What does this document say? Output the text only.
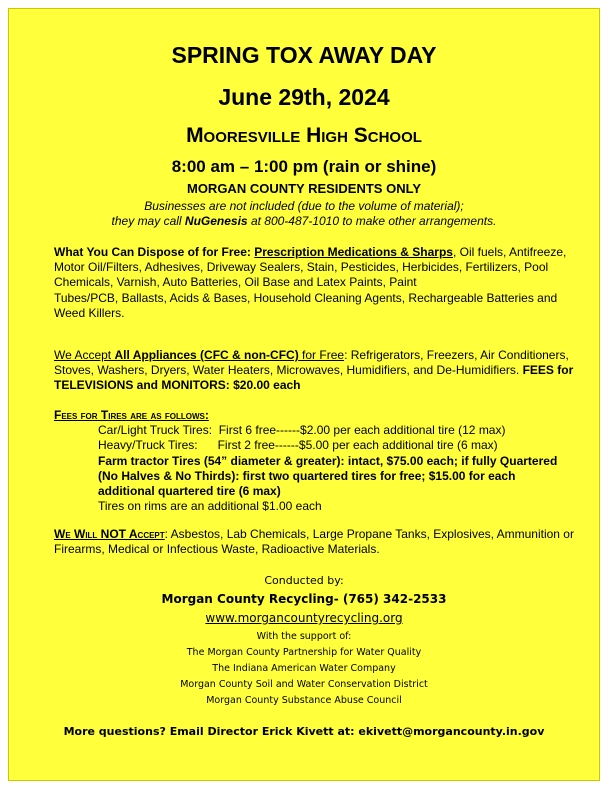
SPRING TOX AWAY DAY
June 29th, 2024
Mooresville High School
8:00 am – 1:00 pm (rain or shine)
MORGAN COUNTY RESIDENTS ONLY
Businesses are not included (due to the volume of material);
they may call NuGenesis at 800-487-1010 to make other arrangements.
What You Can Dispose of for Free: Prescription Medications & Sharps, Oil fuels, Antifreeze, Motor Oil/Filters, Adhesives, Driveway Sealers, Stain, Pesticides, Herbicides, Fertilizers, Pool Chemicals, Varnish, Auto Batteries, Oil Base and Latex Paints, Paint
Tubes/PCB, Ballasts, Acids & Bases, Household Cleaning Agents, Rechargeable Batteries and Weed Killers.
We Accept All Appliances (CFC & non-CFC) for Free: Refrigerators, Freezers, Air Conditioners, Stoves, Washers, Dryers, Water Heaters, Microwaves, Humidifiers, and De-Humidifiers. FEES for TELEVISIONS and MONITORS: $20.00 each
Fees for Tires are as follows:
Car/Light Truck Tires:  First 6 free------$2.00 per each additional tire (12 max)
Heavy/Truck Tires:      First 2 free------$5.00 per each additional tire (6 max)
Farm tractor Tires (54” diameter & greater): intact, $75.00 each; if fully Quartered (No Halves & No Thirds): first two quartered tires for free; $15.00 for each additional quartered tire (6 max)
Tires on rims are an additional $1.00 each
We Will NOT Accept: Asbestos, Lab Chemicals, Large Propane Tanks, Explosives, Ammunition or Firearms, Medical or Infectious Waste, Radioactive Materials.
Conducted by:
Morgan County Recycling- (765) 342-2533
www.morgancountyrecycling.org
With the support of:
The Morgan County Partnership for Water Quality
The Indiana American Water Company
Morgan County Soil and Water Conservation District
Morgan County Substance Abuse Council
More questions? Email Director Erick Kivett at: ekivett@morgancounty.in.gov
